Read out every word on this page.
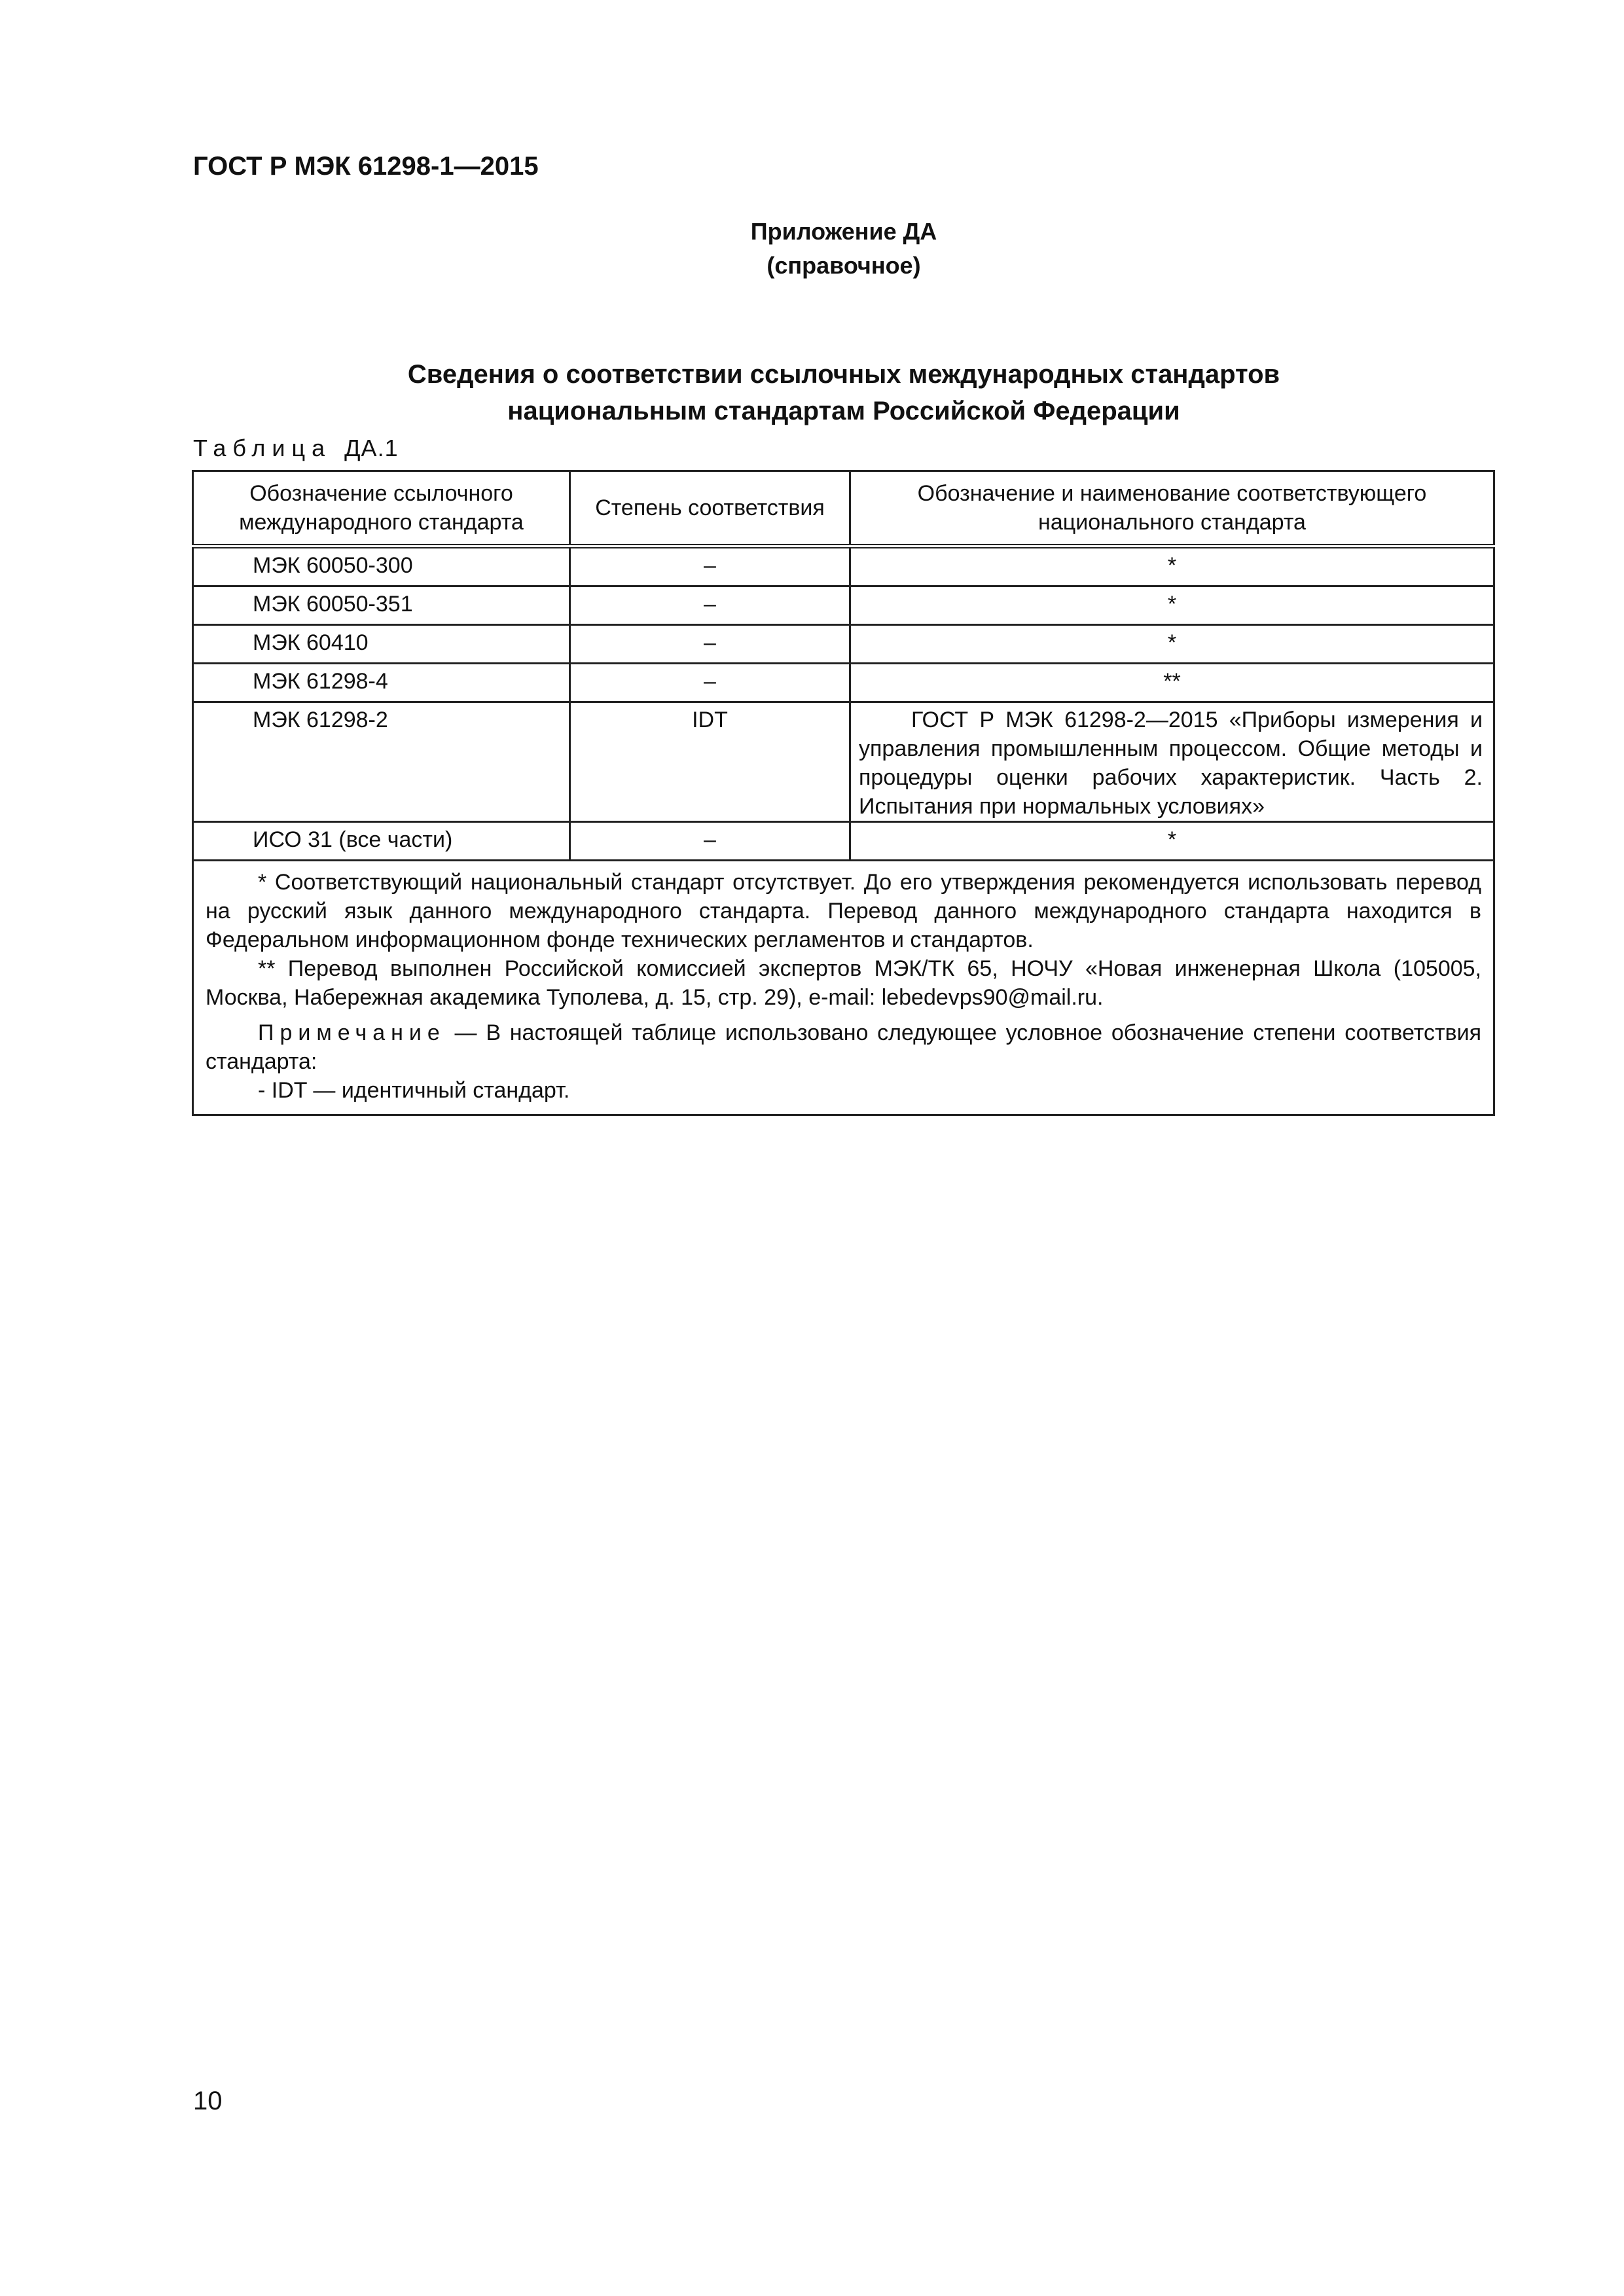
ГОСТ Р МЭК 61298-1—2015
Приложение ДА
(справочное)
Сведения о соответствии ссылочных международных стандартов
национальным стандартам Российской Федерации
Таблица ДА.1
Обозначение ссылочного международного стандарта	Степень соответствия	Обозначение и наименование соответствующего национального стандарта
МЭК 60050-300	–	*
МЭК 60050-351	–	*
МЭК 60410	–	*
МЭК 61298-4	–	**
МЭК 61298-2	IDT	ГОСТ Р МЭК 61298-2—2015 «Приборы измерения и управления промышленным процессом. Общие методы и процедуры оценки рабочих характеристик. Часть 2. Испытания при нормальных условиях»
ИСО 31 (все части)	–	*

* Соответствующий национальный стандарт отсутствует. До его утверждения рекомендуется использовать перевод на русский язык данного международного стандарта. Перевод данного международного стандарта находится в Федеральном информационном фонде технических регламентов и стандартов.

** Перевод выполнен Российской комиссией экспертов МЭК/ТК 65, НОЧУ «Новая инженерная Школа (105005, Москва, Набережная академика Туполева, д. 15, стр. 29), e-mail: lebedevps90@mail.ru.

Примечание — В настоящей таблице использовано следующее условное обозначение степени соответствия стандарта:

- IDT — идентичный стандарт.		

10
